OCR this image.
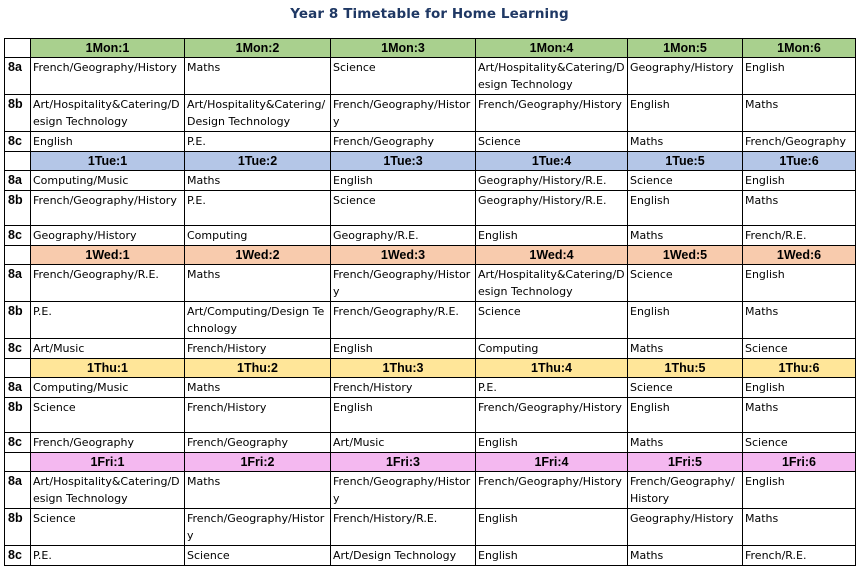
Year 8 Timetable for Home Learning
	1Mon:1	1Mon:2	1Mon:3	1Mon:4	1Mon:5	1Mon:6
8a	French/Geography/History	Maths	Science	Art/Hospitality&Catering/Design Technology	Geography/History	English
8b	Art/Hospitality&Catering/Design Technology	Art/Hospitality&Catering/Design Technology	French/Geography/History	French/Geography/History	English	Maths
8c	English	P.E.	French/Geography	Science	Maths	French/Geography
	1Tue:1	1Tue:2	1Tue:3	1Tue:4	1Tue:5	1Tue:6
8a	Computing/Music	Maths	English	Geography/History/R.E.	Science	English
8b	French/Geography/History	P.E.	Science	Geography/History/R.E.	English	Maths
8c	Geography/History	Computing	Geography/R.E.	English	Maths	French/R.E.
	1Wed:1	1Wed:2	1Wed:3	1Wed:4	1Wed:5	1Wed:6
8a	French/Geography/R.E.	Maths	French/Geography/History	Art/Hospitality&Catering/Design Technology	Science	English
8b	P.E.	Art/Computing/Design Technology	French/Geography/R.E.	Science	English	Maths
8c	Art/Music	French/History	English	Computing	Maths	Science
	1Thu:1	1Thu:2	1Thu:3	1Thu:4	1Thu:5	1Thu:6
8a	Computing/Music	Maths	French/History	P.E.	Science	English
8b	Science	French/History	English	French/Geography/History	English	Maths
8c	French/Geography	French/Geography	Art/Music	English	Maths	Science
	1Fri:1	1Fri:2	1Fri:3	1Fri:4	1Fri:5	1Fri:6
8a	Art/Hospitality&Catering/Design Technology	Maths	French/Geography/History	French/Geography/History	French/Geography/History	English
8b	Science	French/Geography/History	French/History/R.E.	English	Geography/History	Maths
8c	P.E.	Science	Art/Design Technology	English	Maths	French/R.E.
